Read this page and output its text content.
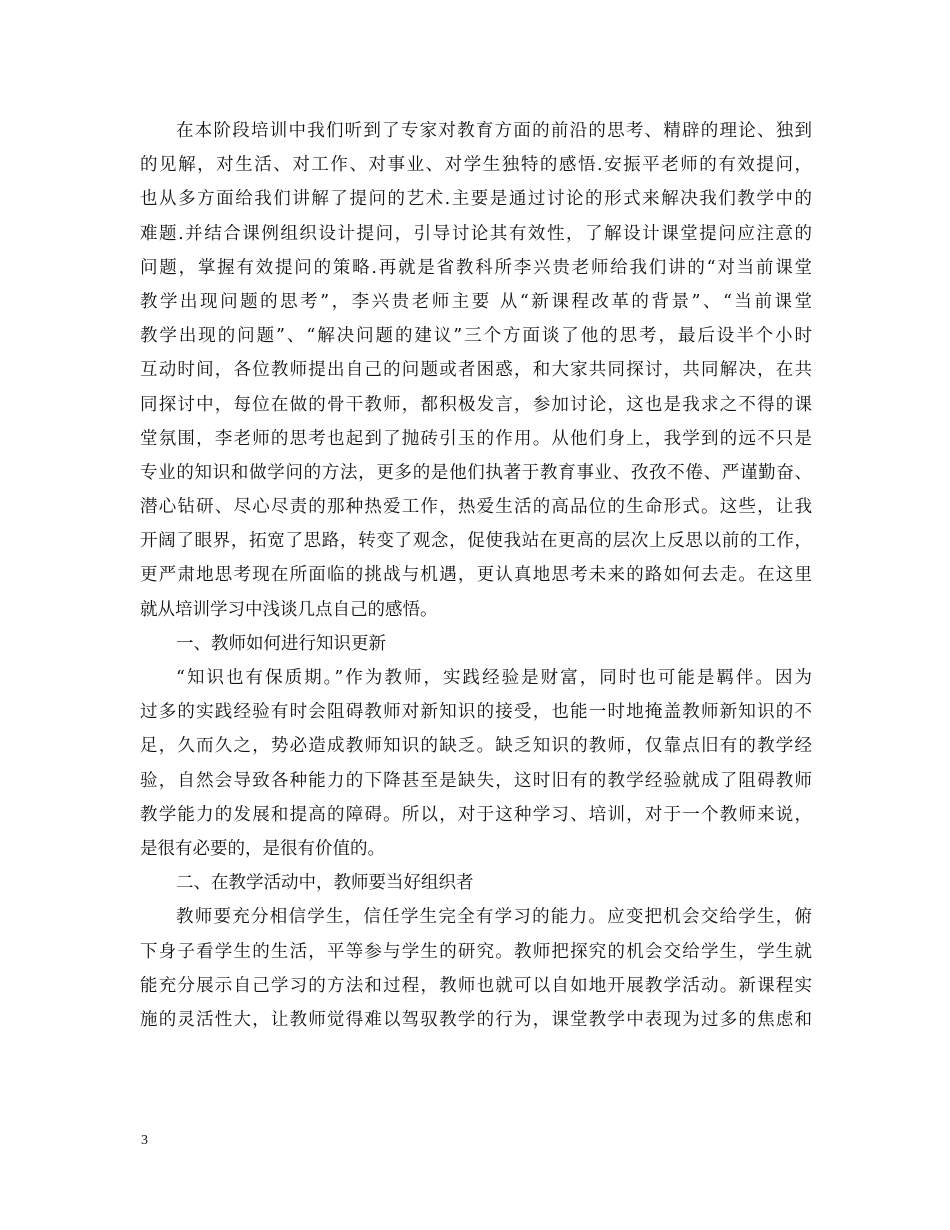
在本阶段培训中我们听到了专家对教育方面的前沿的思考、精辟的理论、独到
的见解，对生活、对工作、对事业、对学生独特的感悟.安振平老师的有效提问，
也从多方面给我们讲解了提问的艺术.主要是通过讨论的形式来解决我们教学中的
难题.并结合课例组织设计提问，引导讨论其有效性，了解设计课堂提问应注意的
问题，掌握有效提问的策略.再就是省教科所李兴贵老师给我们讲的“对当前课堂
教学出现问题的思考”，李兴贵老师主要 从“新课程改革的背景”、“当前课堂
教学出现的问题”、“解决问题的建议”三个方面谈了他的思考，最后设半个小时
互动时间，各位教师提出自己的问题或者困惑，和大家共同探讨，共同解决，在共
同探讨中，每位在做的骨干教师，都积极发言，参加讨论，这也是我求之不得的课
堂氛围，李老师的思考也起到了抛砖引玉的作用。从他们身上，我学到的远不只是
专业的知识和做学问的方法，更多的是他们执著于教育事业、孜孜不倦、严谨勤奋、
潜心钻研、尽心尽责的那种热爱工作，热爱生活的高品位的生命形式。这些，让我
开阔了眼界，拓宽了思路，转变了观念，促使我站在更高的层次上反思以前的工作，
更严肃地思考现在所面临的挑战与机遇，更认真地思考未来的路如何去走。在这里
就从培训学习中浅谈几点自己的感悟。
一、教师如何进行知识更新
“知识也有保质期。”作为教师，实践经验是财富，同时也可能是羁伴。因为
过多的实践经验有时会阻碍教师对新知识的接受，也能一时地掩盖教师新知识的不
足，久而久之，势必造成教师知识的缺乏。缺乏知识的教师，仅靠点旧有的教学经
验，自然会导致各种能力的下降甚至是缺失，这时旧有的教学经验就成了阻碍教师
教学能力的发展和提高的障碍。所以，对于这种学习、培训，对于一个教师来说，
是很有必要的，是很有价值的。
二、在教学活动中，教师要当好组织者
教师要充分相信学生，信任学生完全有学习的能力。应变把机会交给学生，俯
下身子看学生的生活，平等参与学生的研究。教师把探究的机会交给学生，学生就
能充分展示自己学习的方法和过程，教师也就可以自如地开展教学活动。新课程实
施的灵活性大，让教师觉得难以驾驭教学的行为，课堂教学中表现为过多的焦虑和
3
